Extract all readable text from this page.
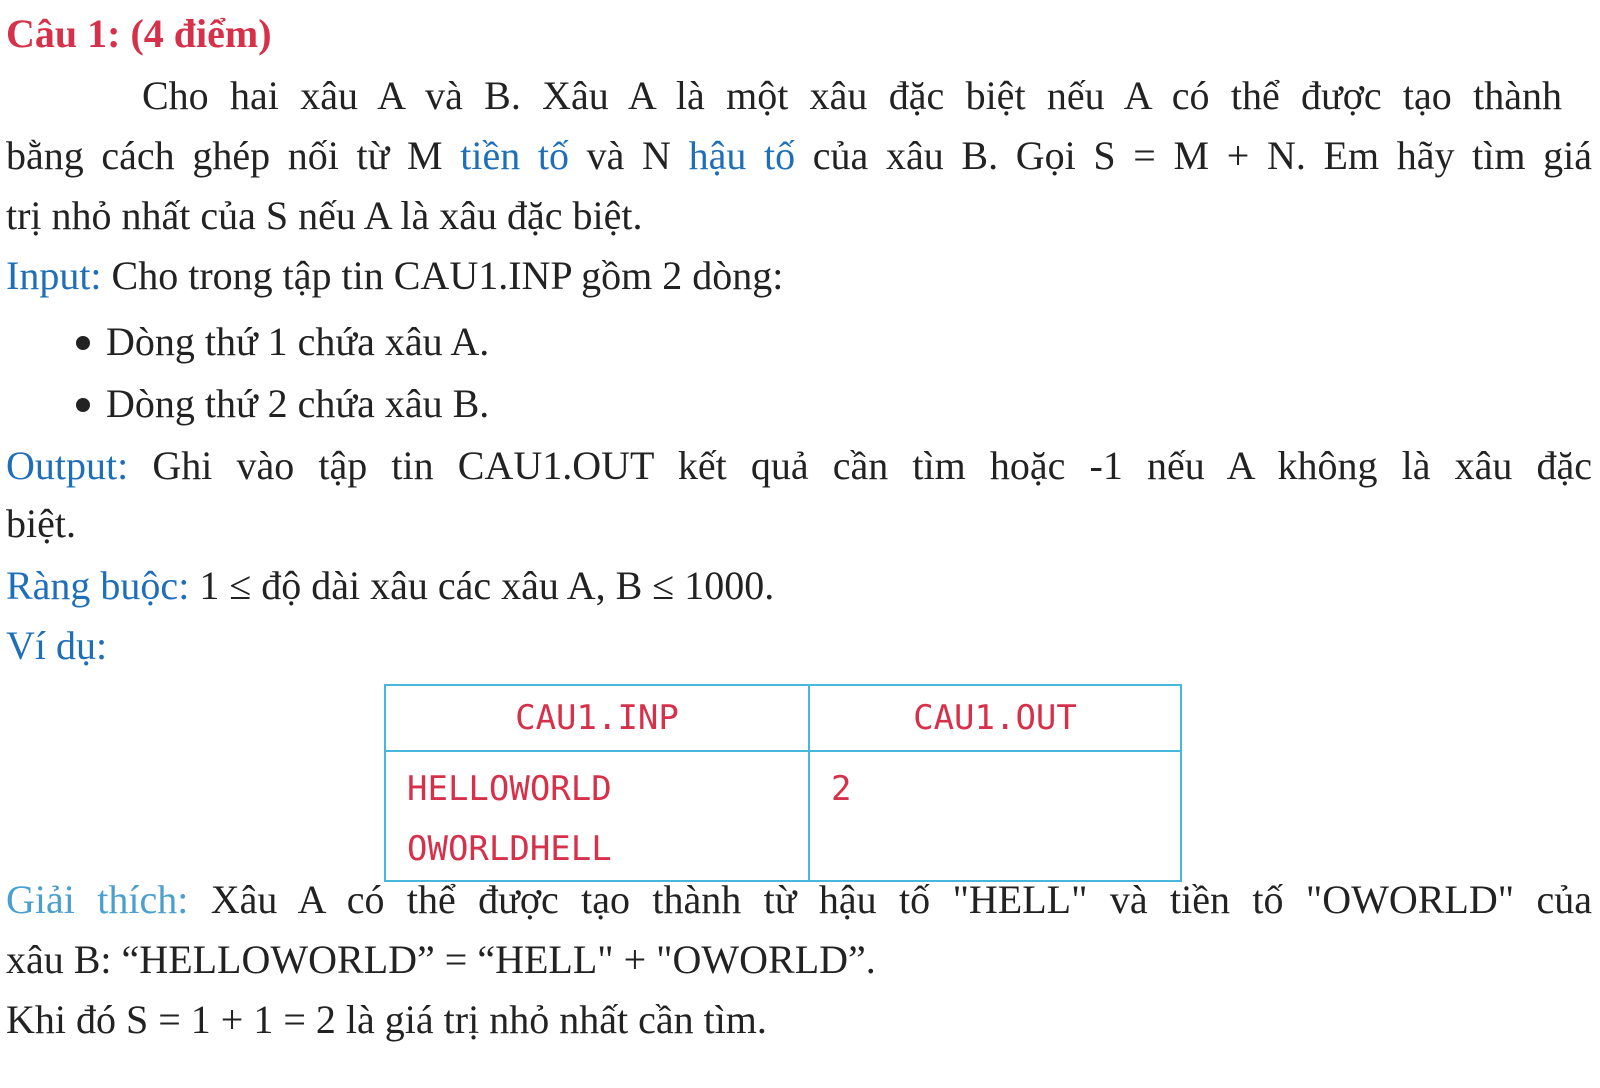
Câu 1: (4 điểm)
Cho hai xâu A và B. Xâu A là một xâu đặc biệt nếu A có thể được tạo thành
bằng cách ghép nối từ M tiền tố và N hậu tố của xâu B. Gọi S = M + N. Em hãy tìm giá
trị nhỏ nhất của S nếu A là xâu đặc biệt.
Input: Cho trong tập tin CAU1.INP gồm 2 dòng:
Dòng thứ 1 chứa xâu A.
Dòng thứ 2 chứa xâu B.
Output: Ghi vào tập tin CAU1.OUT kết quả cần tìm hoặc -1 nếu A không là xâu đặc
biệt.
Ràng buộc: 1 ≤ độ dài xâu các xâu A, B ≤ 1000.
Ví dụ:
CAU1.INP	CAU1.OUT

HELLOWORLD
OWORLDHELL	2
Giải thích: Xâu A có thể được tạo thành từ hậu tố "HELL" và tiền tố "OWORLD" của
xâu B: “HELLOWORLD” = “HELL" + "OWORLD”.
Khi đó S = 1 + 1 = 2 là giá trị nhỏ nhất cần tìm.
